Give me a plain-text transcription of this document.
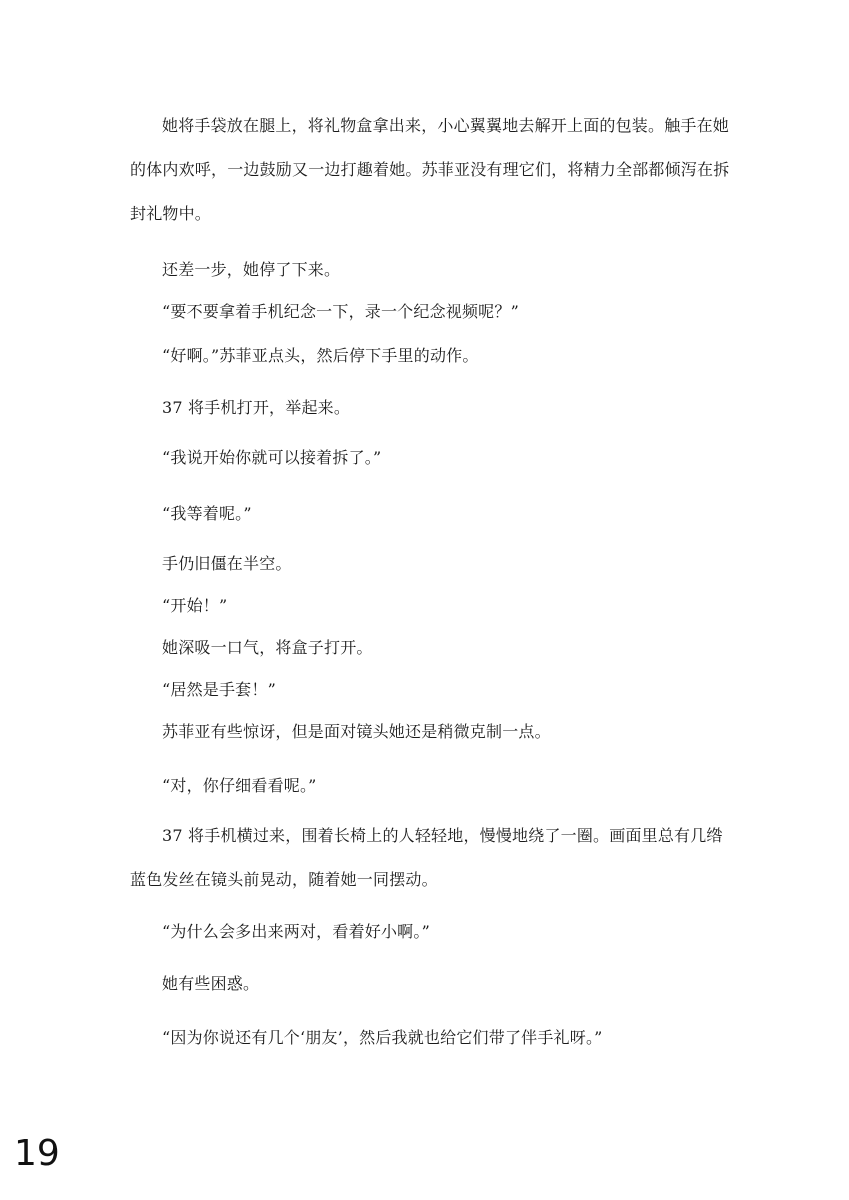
她将手袋放在腿上，将礼物盒拿出来，小心翼翼地去解开上面的包装。触手在她的体内欢呼，一边鼓励又一边打趣着她。苏菲亚没有理它们，将精力全部都倾泻在拆封礼物中。

还差一步，她停了下来。

“要不要拿着手机纪念一下，录一个纪念视频呢？”

“好啊。”苏菲亚点头，然后停下手里的动作。

37 将手机打开，举起来。

“我说开始你就可以接着拆了。”

“我等着呢。”

手仍旧僵在半空。

“开始！”

她深吸一口气，将盒子打开。

“居然是手套！”

苏菲亚有些惊讶，但是面对镜头她还是稍微克制一点。

“对，你仔细看看呢。”

37 将手机横过来，围着长椅上的人轻轻地，慢慢地绕了一圈。画面里总有几绺蓝色发丝在镜头前晃动，随着她一同摆动。

“为什么会多出来两对，看着好小啊。”

她有些困惑。

“因为你说还有几个‘朋友’，然后我就也给它们带了伴手礼呀。”

19
